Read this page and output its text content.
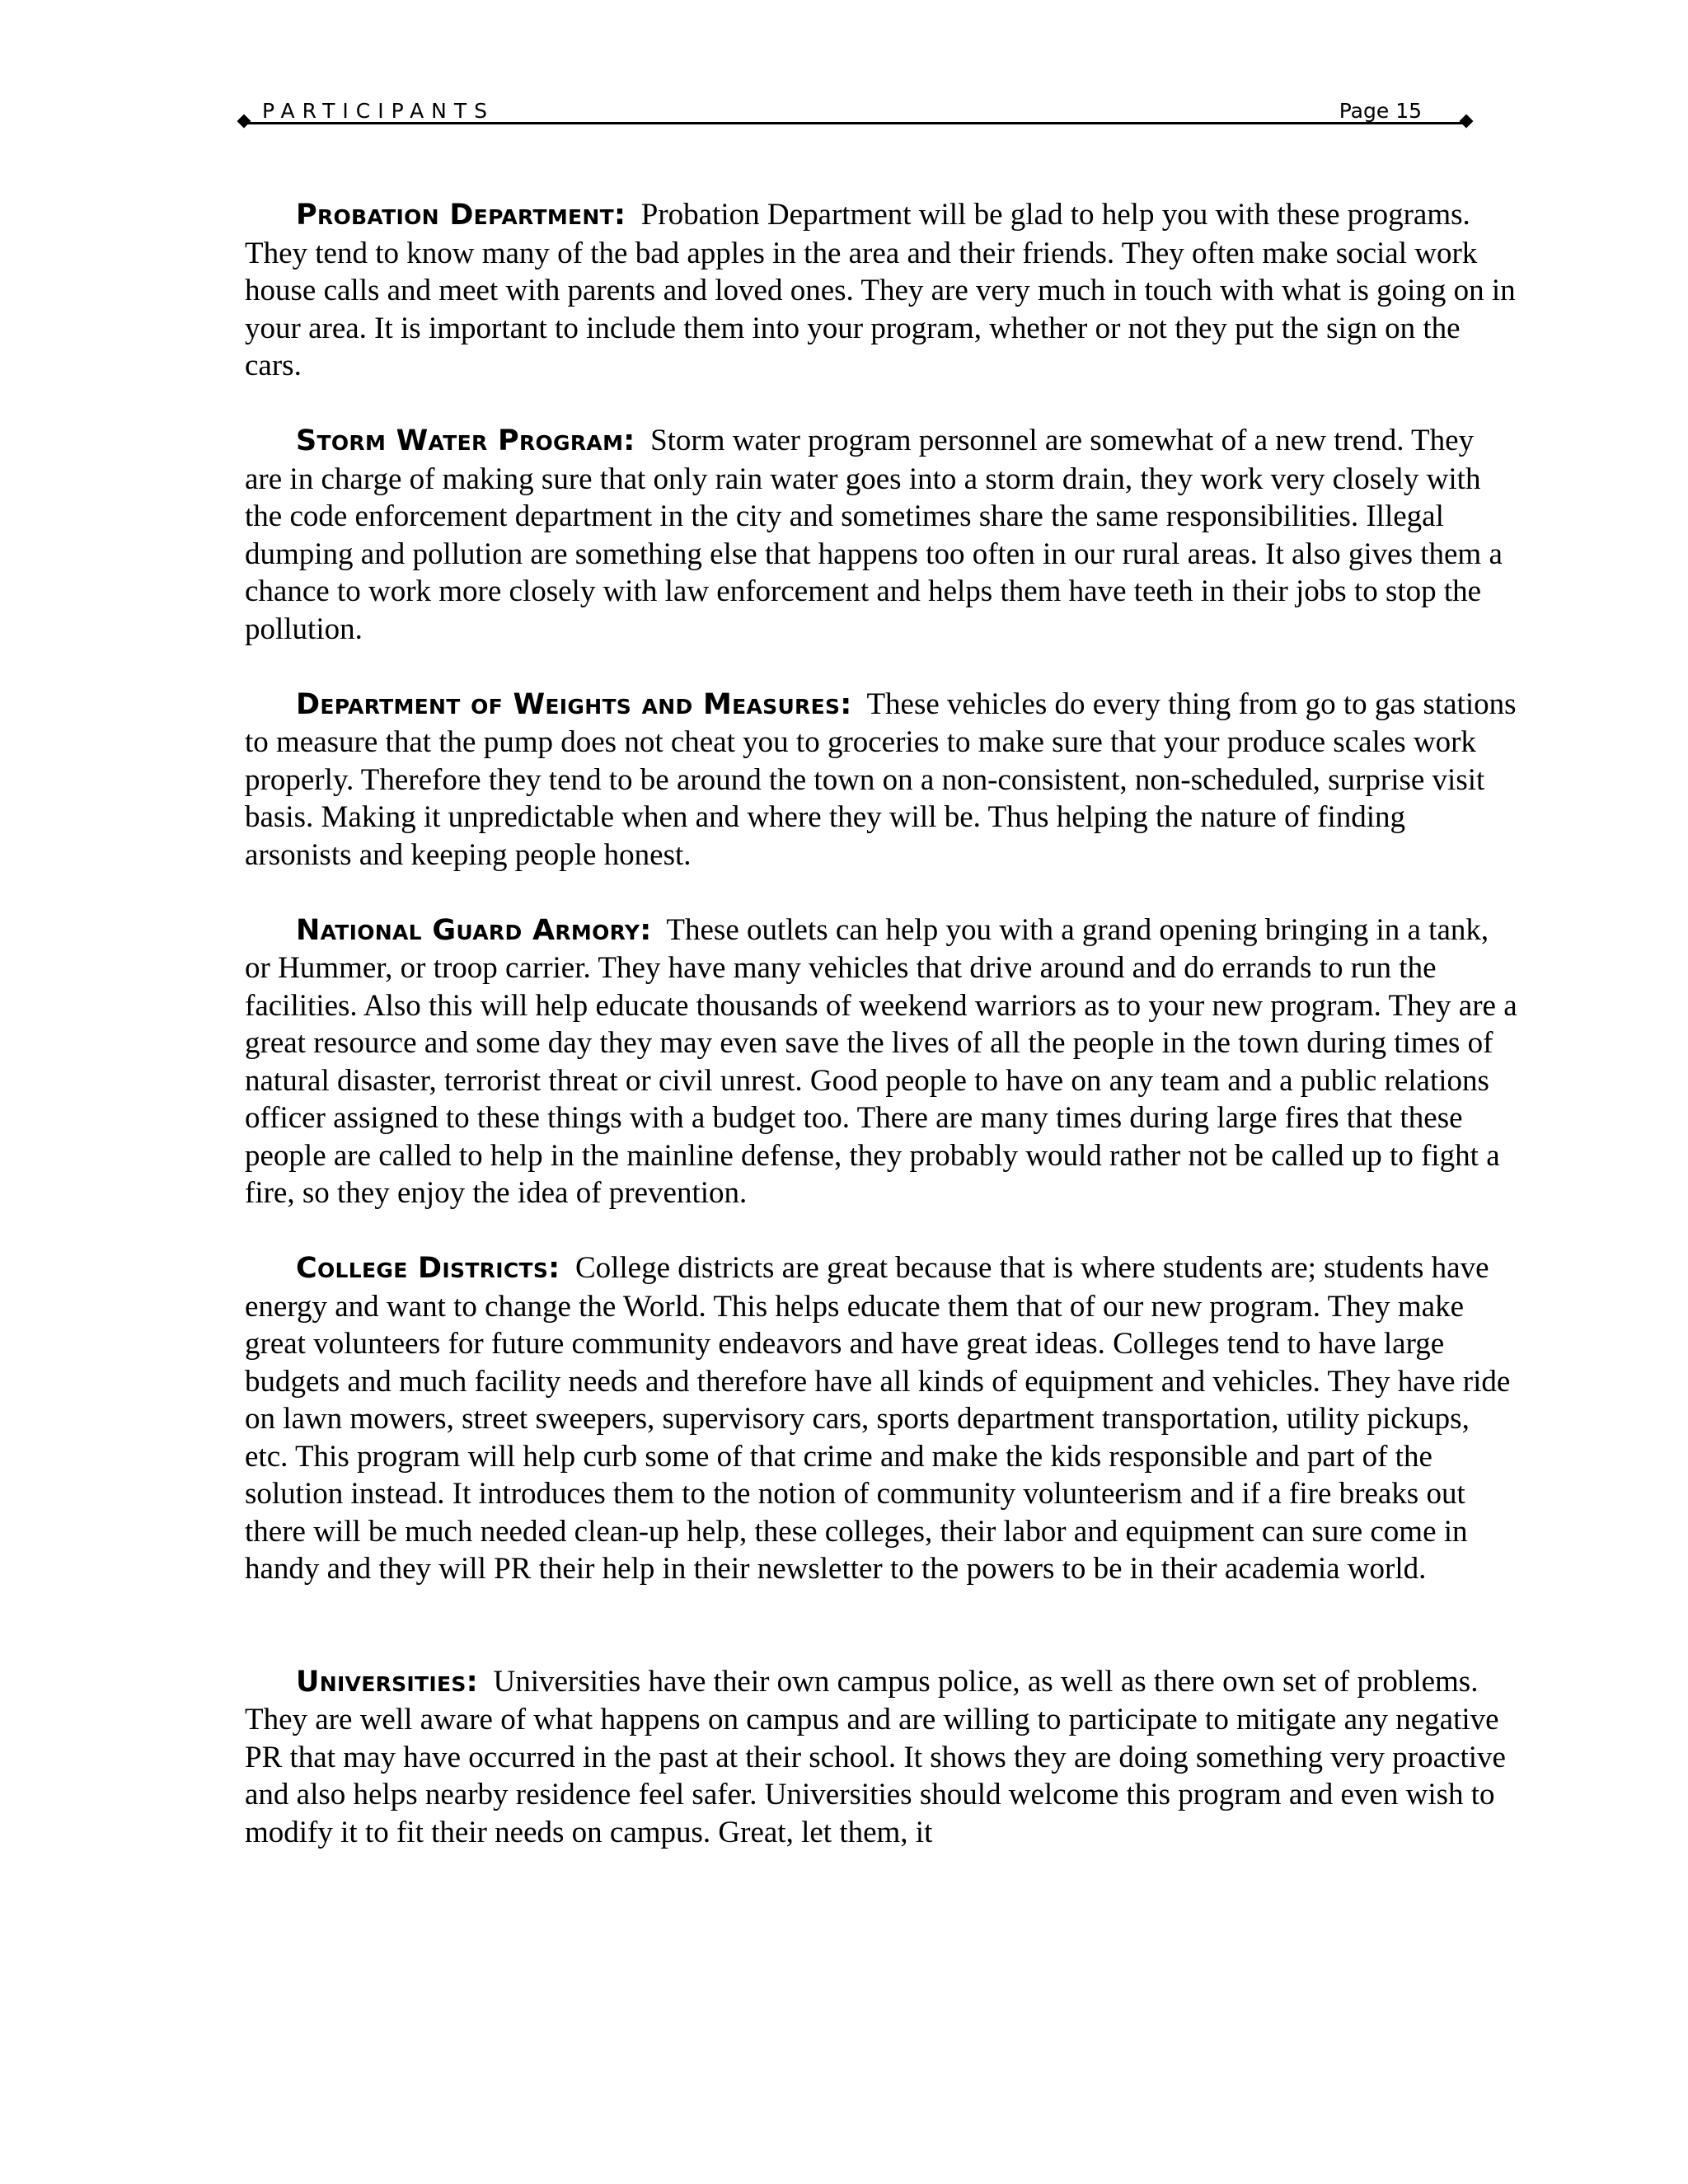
PARTICIPANTS	Page 15

Probation Department: Probation Department will be glad to help you with these programs. They tend to know many of the bad apples in the area and their friends. They often make social work house calls and meet with parents and loved ones. They are very much in touch with what is going on in your area. It is important to include them into your program, whether or not they put the sign on the cars.

Storm Water Program: Storm water program personnel are somewhat of a new trend. They are in charge of making sure that only rain water goes into a storm drain, they work very closely with the code enforcement department in the city and sometimes share the same responsibilities. Illegal dumping and pollution are something else that happens too often in our rural areas. It also gives them a chance to work more closely with law enforcement and helps them have teeth in their jobs to stop the pollution.

Department of Weights and Measures: These vehicles do every thing from go to gas stations to measure that the pump does not cheat you to groceries to make sure that your produce scales work properly. Therefore they tend to be around the town on a non-consistent, non-scheduled, surprise visit basis. Making it unpredictable when and where they will be. Thus helping the nature of finding arsonists and keeping people honest.

National Guard Armory: These outlets can help you with a grand opening bringing in a tank, or Hummer, or troop carrier. They have many vehicles that drive around and do errands to run the facilities. Also this will help educate thousands of weekend warriors as to your new program. They are a great resource and some day they may even save the lives of all the people in the town during times of natural disaster, terrorist threat or civil unrest. Good people to have on any team and a public relations officer assigned to these things with a budget too. There are many times during large fires that these people are called to help in the mainline defense, they probably would rather not be called up to fight a fire, so they enjoy the idea of prevention.

College Districts: College districts are great because that is where students are; students have energy and want to change the World. This helps educate them that of our new program. They make great volunteers for future community endeavors and have great ideas. Colleges tend to have large budgets and much facility needs and therefore have all kinds of equipment and vehicles. They have ride on lawn mowers, street sweepers, supervisory cars, sports department transportation, utility pickups, etc. This program will help curb some of that crime and make the kids responsible and part of the solution instead. It introduces them to the notion of community volunteerism and if a fire breaks out there will be much needed clean-up help, these colleges, their labor and equipment can sure come in handy and they will PR their help in their newsletter to the powers to be in their academia world.

Universities: Universities have their own campus police, as well as there own set of problems. They are well aware of what happens on campus and are willing to participate to mitigate any negative PR that may have occurred in the past at their school. It shows they are doing something very proactive and also helps nearby residence feel safer. Universities should welcome this program and even wish to modify it to fit their needs on campus. Great, let them, it
